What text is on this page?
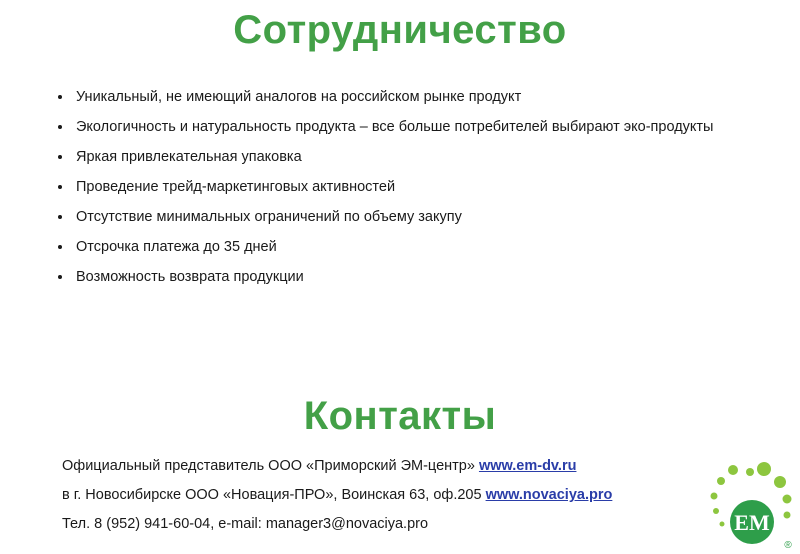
Сотрудничество
Уникальный, не имеющий аналогов на российском рынке продукт
Экологичность и натуральность продукта – все больше потребителей выбирают эко-продукты
Яркая привлекательная упаковка
Проведение трейд-маркетинговых активностей
Отсутствие минимальных ограничений по объему закупу
Отсрочка платежа до 35 дней
Возможность возврата продукции
Контакты
Официальный представитель ООО «Приморский ЭМ-центр» www.em-dv.ru
в г. Новосибирске ООО «Новация-ПРО», Воинская 63, оф.205 www.novaciya.pro
Тел. 8 (952) 941-60-04, e-mail: manager3@novaciya.pro	EM
®
